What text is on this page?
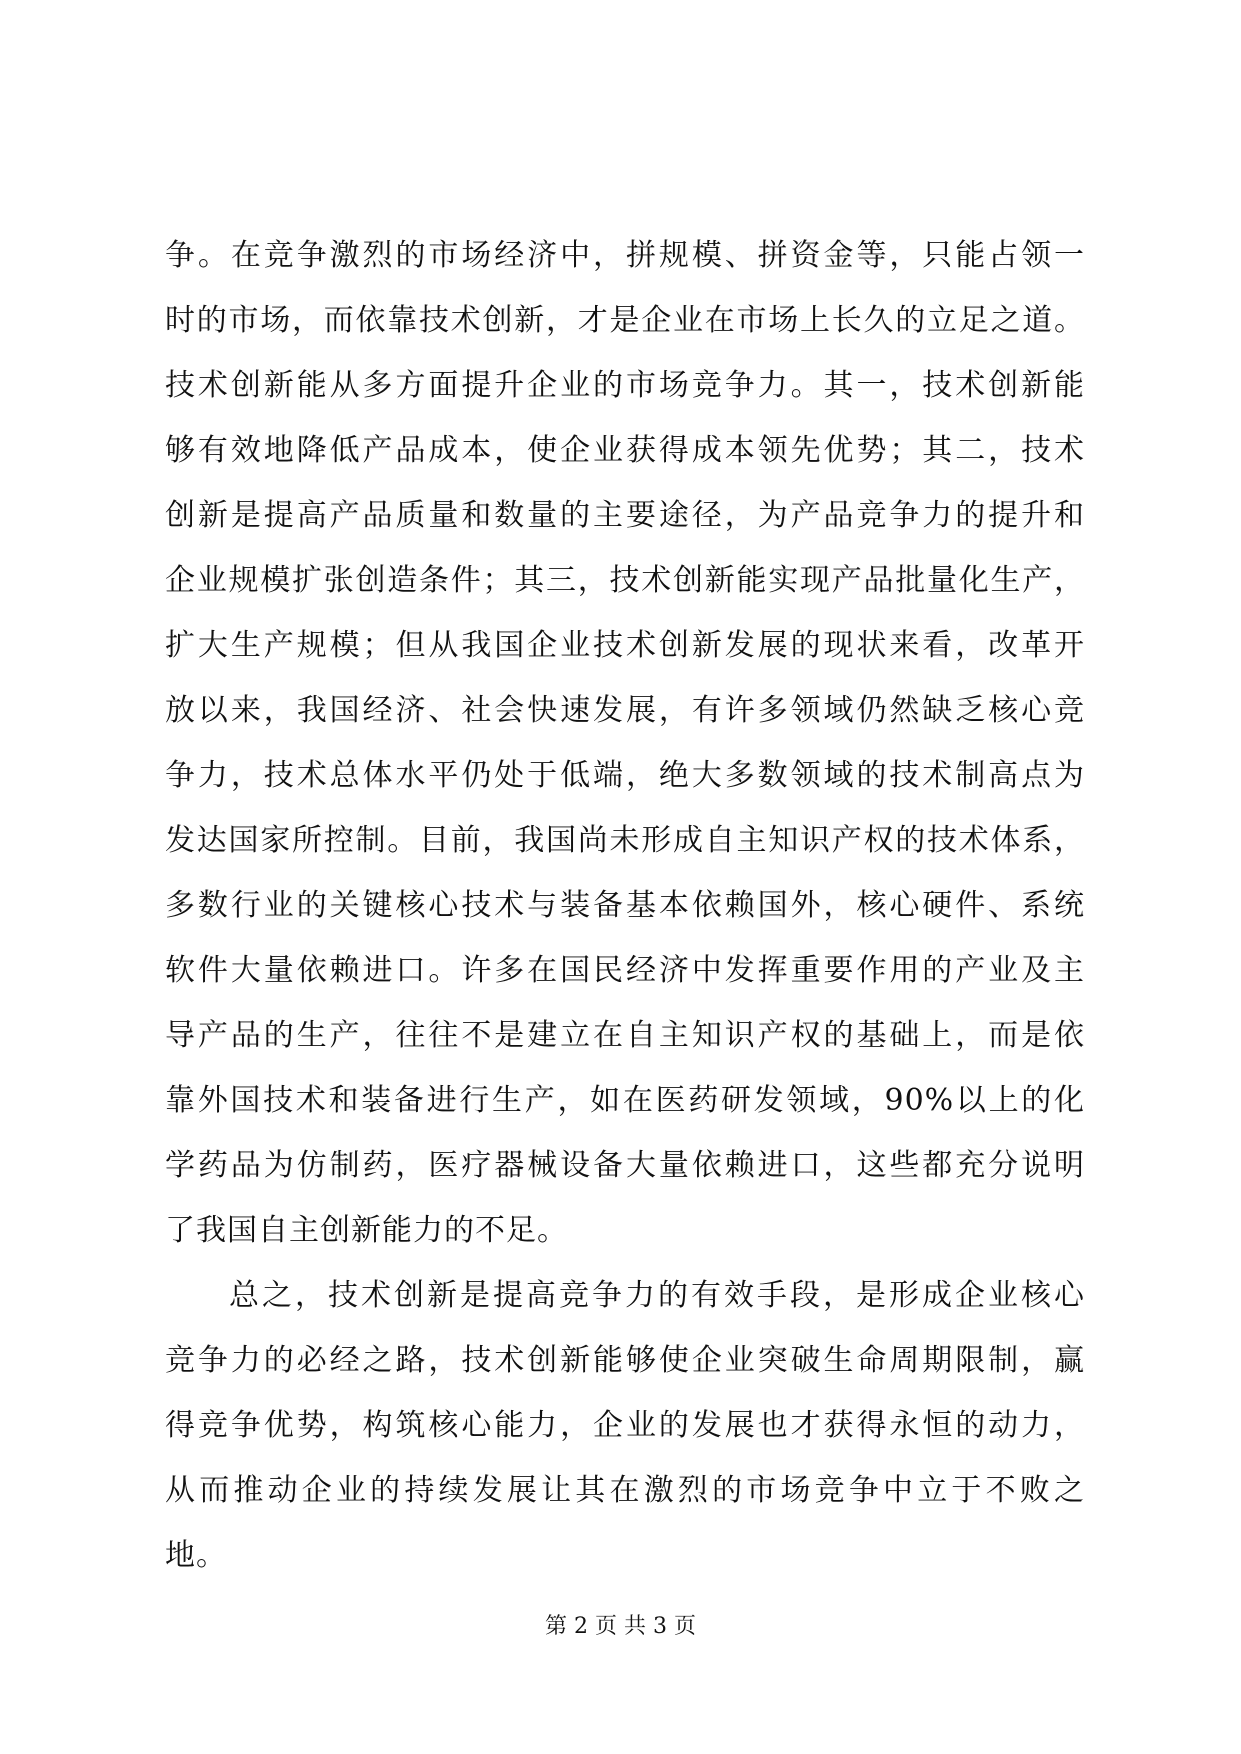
争。在竞争激烈的市场经济中，拼规模、拼资金等，只能占领一
时的市场，而依靠技术创新，才是企业在市场上长久的立足之道。
技术创新能从多方面提升企业的市场竞争力。其一，技术创新能
够有效地降低产品成本，使企业获得成本领先优势；其二，技术
创新是提高产品质量和数量的主要途径，为产品竞争力的提升和
企业规模扩张创造条件；其三，技术创新能实现产品批量化生产，
扩大生产规模；但从我国企业技术创新发展的现状来看，改革开
放以来，我国经济、社会快速发展，有许多领域仍然缺乏核心竞
争力，技术总体水平仍处于低端，绝大多数领域的技术制高点为
发达国家所控制。目前，我国尚未形成自主知识产权的技术体系，
多数行业的关键核心技术与装备基本依赖国外，核心硬件、系统
软件大量依赖进口。许多在国民经济中发挥重要作用的产业及主
导产品的生产，往往不是建立在自主知识产权的基础上，而是依
靠外国技术和装备进行生产，如在医药研发领域，90%以上的化
学药品为仿制药，医疗器械设备大量依赖进口，这些都充分说明
了我国自主创新能力的不足。
总之，技术创新是提高竞争力的有效手段，是形成企业核心
竞争力的必经之路，技术创新能够使企业突破生命周期限制，赢
得竞争优势，构筑核心能力，企业的发展也才获得永恒的动力，
从而推动企业的持续发展让其在激烈的市场竞争中立于不败之
地。
第 2 页 共 3 页
